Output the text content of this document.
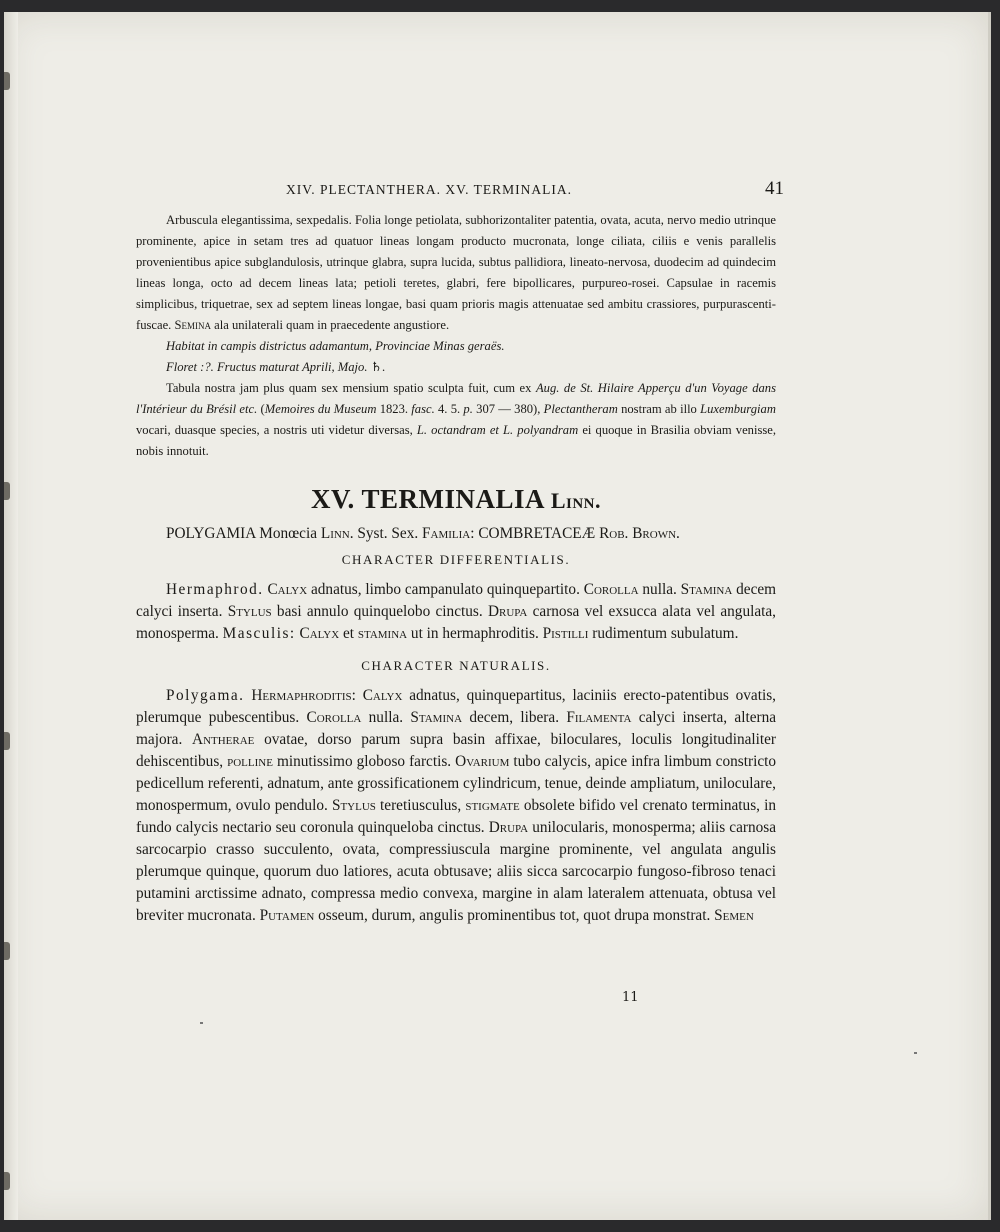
XIV. PLECTANTHERA. XV. TERMINALIA.	41

Arbuscula elegantissima, sexpedalis. Folia longe petiolata, subhorizontaliter patentia, ovata, acuta, nervo medio utrinque prominente, apice in setam tres ad quatuor lineas longam producto mucronata, longe ciliata, ciliis e venis parallelis provenientibus apice subglandulosis, utrinque glabra, supra lucida, subtus pallidiora, lineato-nervosa, duodecim ad quindecim lineas longa, octo ad decem lineas lata; petioli teretes, glabri, fere bipollicares, purpureo-rosei. Capsulae in racemis simplicibus, triquetrae, sex ad septem lineas longae, basi quam prioris magis attenuatae sed ambitu crassiores, purpurascenti-fuscae. Semina ala unilaterali quam in praecedente angustiore.

Habitat in campis districtus adamantum, Provinciae Minas geraës.

Floret :?. Fructus maturat Aprili, Majo. ♄.

Tabula nostra jam plus quam sex mensium spatio sculpta fuit, cum ex Aug. de St. Hilaire Apperçu d'un Voyage dans l'Intérieur du Brésil etc. (Memoires du Museum 1823. fasc. 4. 5. p. 307 — 380), Plectantheram nostram ab illo Luxemburgiam vocari, duasque species, a nostris uti videtur diversas, L. octandram et L. polyandram ei quoque in Brasilia obviam venisse, nobis innotuit.

XV. TERMINALIA Linn.

POLYGAMIA Monœcia Linn. Syst. Sex. Familia: COMBRETACEÆ Rob. Brown.

CHARACTER DIFFERENTIALIS.

Hermaphrod. Calyx adnatus, limbo campanulato quinquepartito. Corolla nulla. Stamina decem calyci inserta. Stylus basi annulo quinquelobo cinctus. Drupa carnosa vel exsucca alata vel angulata, monosperma. Masculis: Calyx et stamina ut in hermaphroditis. Pistilli rudimentum subulatum.

CHARACTER NATURALIS.

Polygama. Hermaphroditis: Calyx adnatus, quinquepartitus, laciniis erecto-patentibus ovatis, plerumque pubescentibus. Corolla nulla. Stamina decem, libera. Filamenta calyci inserta, alterna majora. Antherae ovatae, dorso parum supra basin affixae, biloculares, loculis longitudinaliter dehiscentibus, polline minutissimo globoso farctis. Ovarium tubo calycis, apice infra limbum constricto pedicellum referenti, adnatum, ante grossificationem cylindricum, tenue, deinde ampliatum, uniloculare, monospermum, ovulo pendulo. Stylus teretiusculus, stigmate obsolete bifido vel crenato terminatus, in fundo calycis nectario seu coronula quinqueloba cinctus. Drupa unilocularis, monosperma; aliis carnosa sarcocarpio crasso succulento, ovata, compressiuscula margine prominente, vel angulata angulis plerumque quinque, quorum duo latiores, acuta obtusave; aliis sicca sarcocarpio fungoso-fibroso tenaci putamini arctissime adnato, compressa medio convexa, margine in alam lateralem attenuata, obtusa vel breviter mucronata. Putamen osseum, durum, angulis prominentibus tot, quot drupa monstrat. Semen

11
